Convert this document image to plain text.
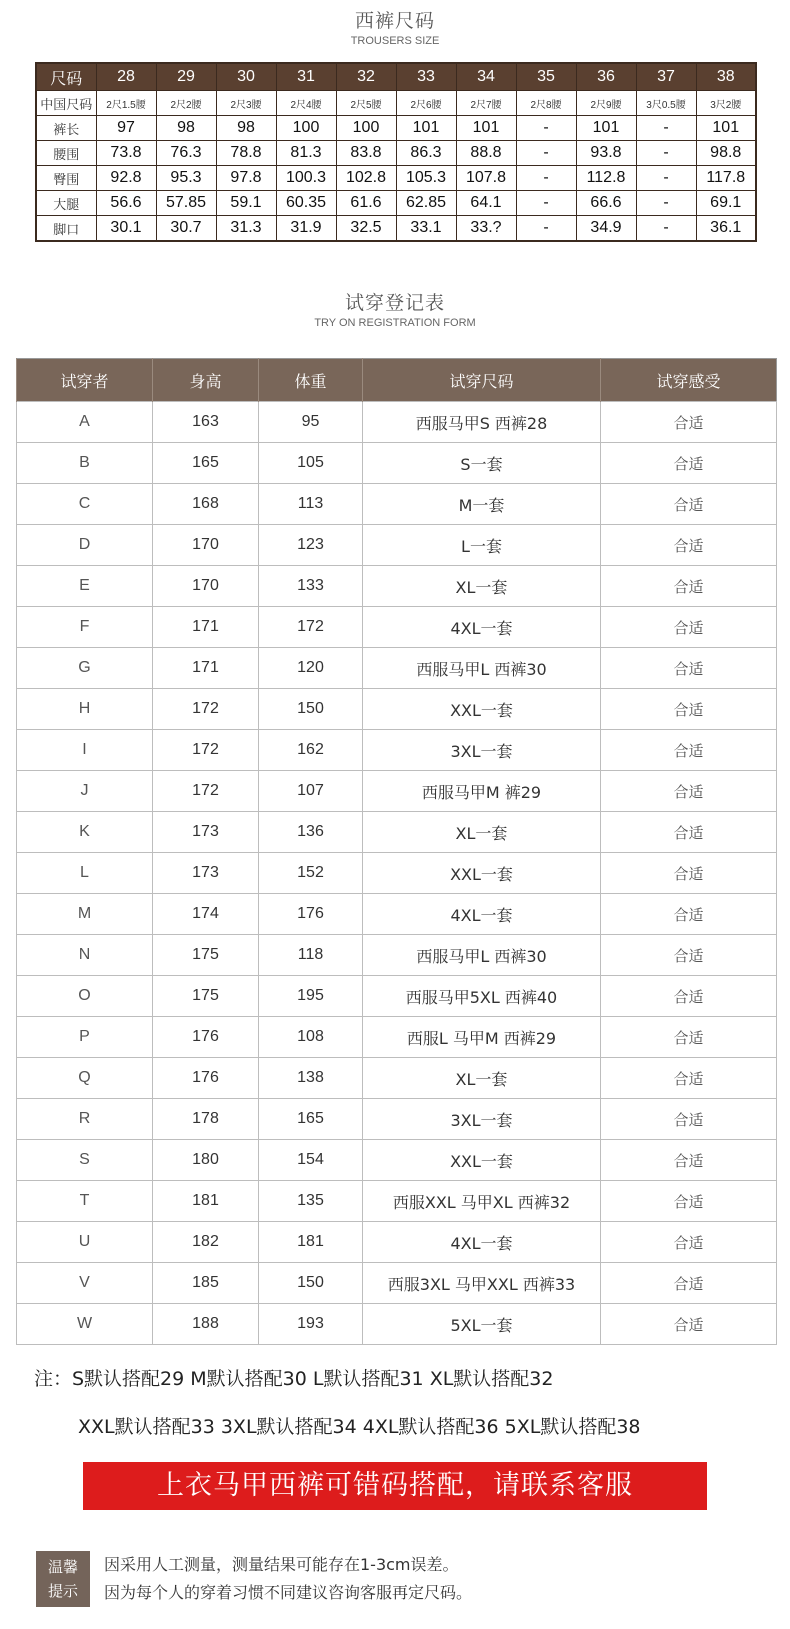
西裤尺码
TROUSERS SIZE
尺码	28	29	30	31	32	33	34	35	36	37	38
中国尺码	2尺1.5腰	2尺2腰	2尺3腰	2尺4腰	2尺5腰	2尺6腰	2尺7腰	2尺8腰	2尺9腰	3尺0.5腰	3尺2腰
裤长	97	98	98	100	100	101	101	-	101	-	101
腰围	73.8	76.3	78.8	81.3	83.8	86.3	88.8	-	93.8	-	98.8
臀围	92.8	95.3	97.8	100.3	102.8	105.3	107.8	-	112.8	-	117.8
大腿	56.6	57.85	59.1	60.35	61.6	62.85	64.1	-	66.6	-	69.1
脚口	30.1	30.7	31.3	31.9	32.5	33.1	33.?	-	34.9	-	36.1
试穿登记表
TRY ON REGISTRATION FORM
试穿者	身高	体重	试穿尺码	试穿感受
A	163	95	西服马甲S 西裤28	合适
B	165	105	S一套	合适
C	168	113	M一套	合适
D	170	123	L一套	合适
E	170	133	XL一套	合适
F	171	172	4XL一套	合适
G	171	120	西服马甲L 西裤30	合适
H	172	150	XXL一套	合适
I	172	162	3XL一套	合适
J	172	107	西服马甲M 裤29	合适
K	173	136	XL一套	合适
L	173	152	XXL一套	合适
M	174	176	4XL一套	合适
N	175	118	西服马甲L 西裤30	合适
O	175	195	西服马甲5XL 西裤40	合适
P	176	108	西服L 马甲M 西裤29	合适
Q	176	138	XL一套	合适
R	178	165	3XL一套	合适
S	180	154	XXL一套	合适
T	181	135	西服XXL 马甲XL 西裤32	合适
U	182	181	4XL一套	合适
V	185	150	西服3XL 马甲XXL 西裤33	合适
W	188	193	5XL一套	合适
注：S默认搭配29 M默认搭配30 L默认搭配31 XL默认搭配32
XXL默认搭配33 3XL默认搭配34 4XL默认搭配36 5XL默认搭配38
上衣马甲西裤可错码搭配，请联系客服
温馨
提示
因采用人工测量，测量结果可能存在1-3cm误差。
因为每个人的穿着习惯不同建议咨询客服再定尺码。
